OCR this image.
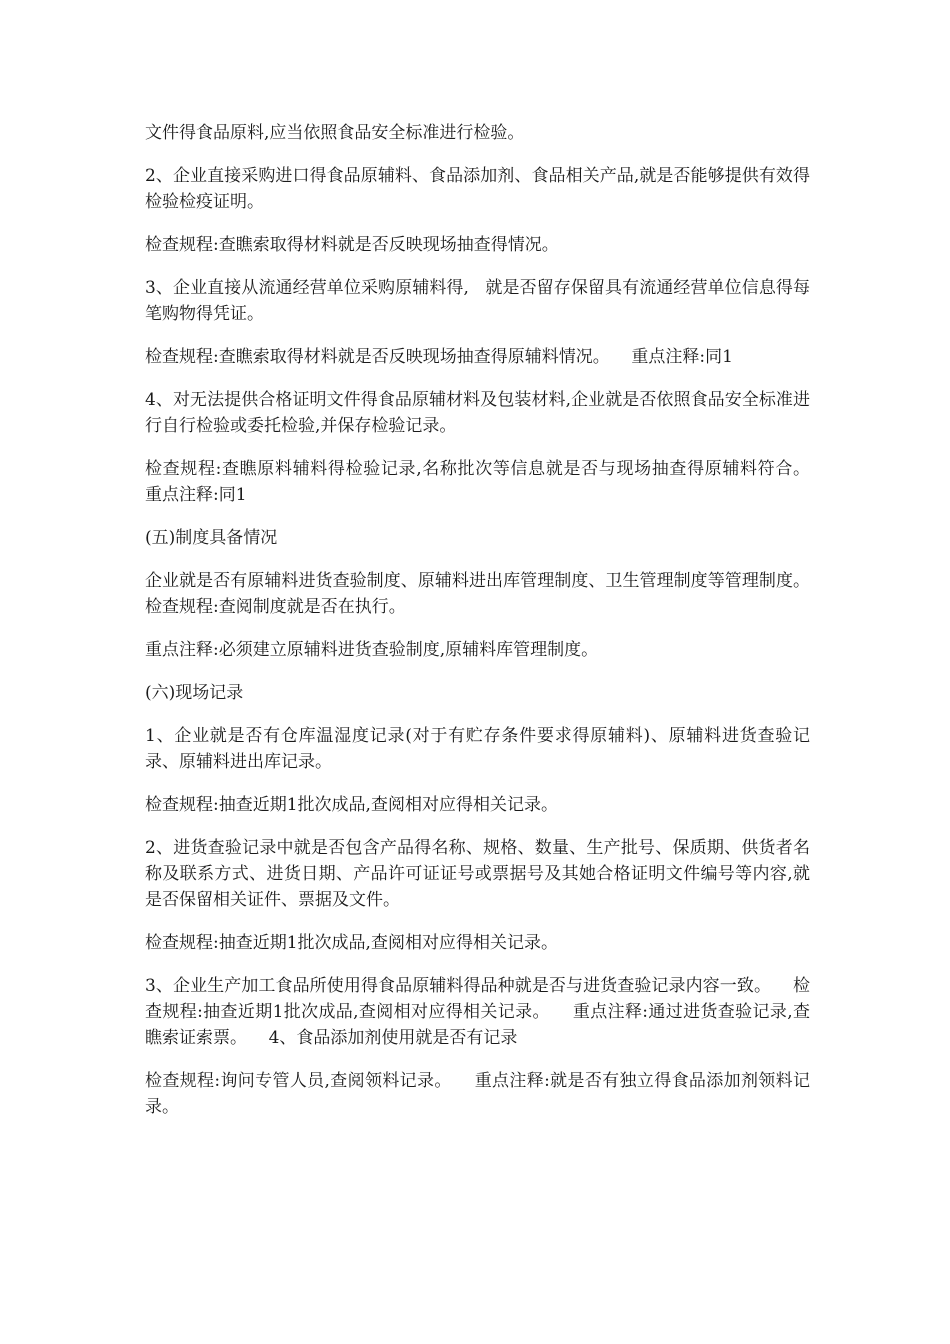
文件得食品原料,应当依照食品安全标准进行检验。

2、企业直接采购进口得食品原辅料、食品添加剂、食品相关产品,就是否能够提供有效得检验检疫证明。

检查规程:查瞧索取得材料就是否反映现场抽查得情况。

3、企业直接从流通经营单位采购原辅料得,   就是否留存保留具有流通经营单位信息得每笔购物得凭证。

检查规程:查瞧索取得材料就是否反映现场抽查得原辅料情况。    重点注释:同1

4、对无法提供合格证明文件得食品原辅材料及包装材料,企业就是否依照食品安全标准进行自行检验或委托检验,并保存检验记录。

检查规程:查瞧原料辅料得检验记录,名称批次等信息就是否与现场抽查得原辅料符合。    重点注释:同1

(五)制度具备情况

企业就是否有原辅料进货查验制度、原辅料进出库管理制度、卫生管理制度等管理制度。    检查规程:查阅制度就是否在执行。

重点注释:必须建立原辅料进货查验制度,原辅料库管理制度。

(六)现场记录

1、企业就是否有仓库温湿度记录(对于有贮存条件要求得原辅料)、原辅料进货查验记录、原辅料进出库记录。

检查规程:抽查近期1批次成品,查阅相对应得相关记录。

2、进货查验记录中就是否包含产品得名称、规格、数量、生产批号、保质期、供货者名称及联系方式、进货日期、产品许可证证号或票据号及其她合格证明文件编号等内容,就是否保留相关证件、票据及文件。

检查规程:抽查近期1批次成品,查阅相对应得相关记录。

3、企业生产加工食品所使用得食品原辅料得品种就是否与进货查验记录内容一致。    检查规程:抽查近期1批次成品,查阅相对应得相关记录。    重点注释:通过进货查验记录,查瞧索证索票。    4、食品添加剂使用就是否有记录

检查规程:询问专管人员,查阅领料记录。    重点注释:就是否有独立得食品添加剂领料记录。
